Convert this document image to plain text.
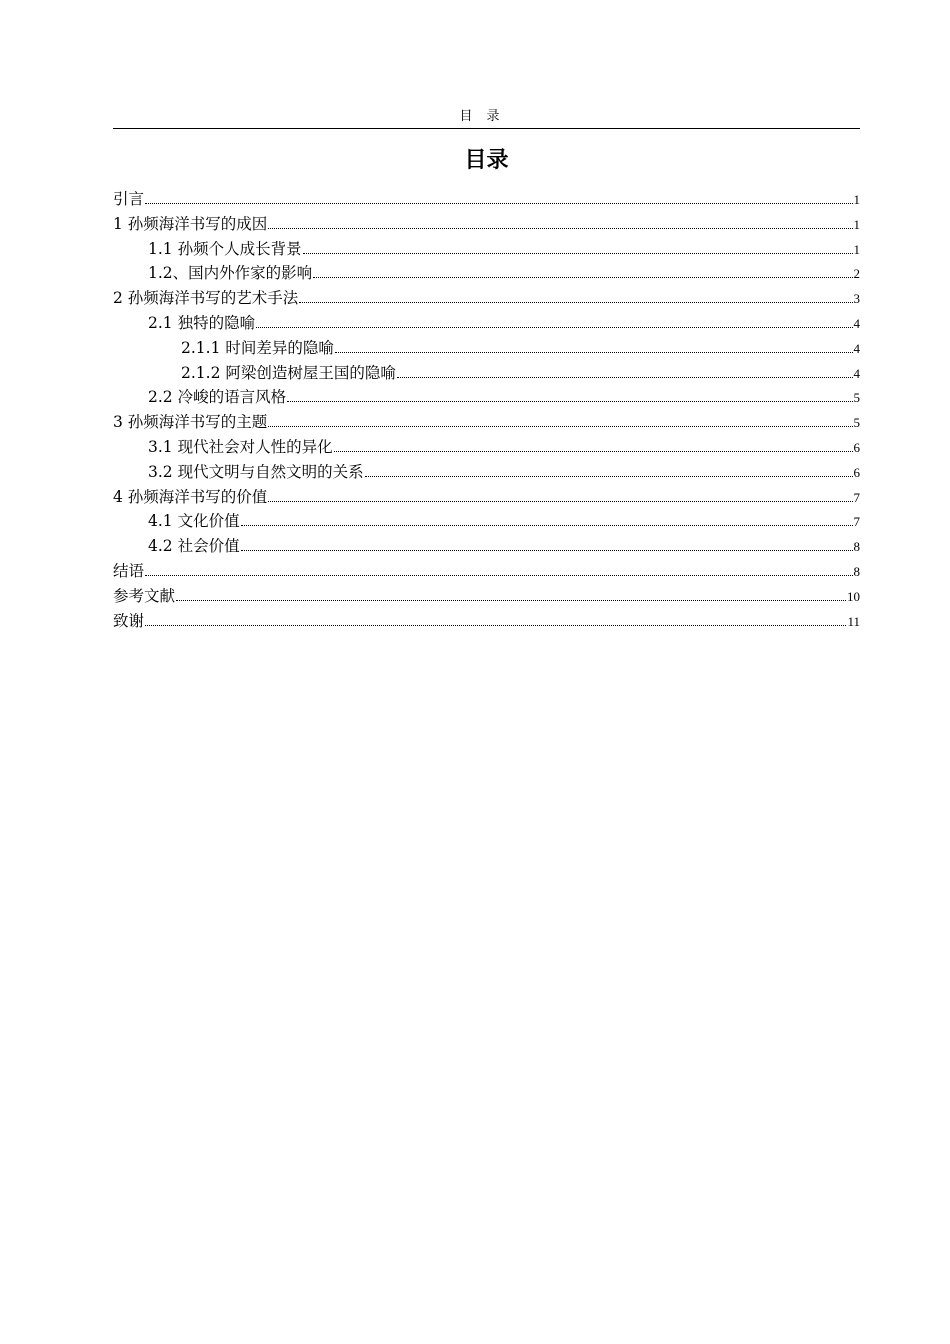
目录
目录
引言	1
1 孙频海洋书写的成因	1
1.1 孙频个人成长背景	1
1.2、国内外作家的影响	2
2 孙频海洋书写的艺术手法	3
2.1 独特的隐喻	4
2.1.1 时间差异的隐喻	4
2.1.2 阿梁创造树屋王国的隐喻	4
2.2 冷峻的语言风格	5
3 孙频海洋书写的主题	5
3.1 现代社会对人性的异化	6
3.2 现代文明与自然文明的关系	6
4 孙频海洋书写的价值	7
4.1 文化价值	7
4.2 社会价值	8
结语	8
参考文献	10
致谢	11
